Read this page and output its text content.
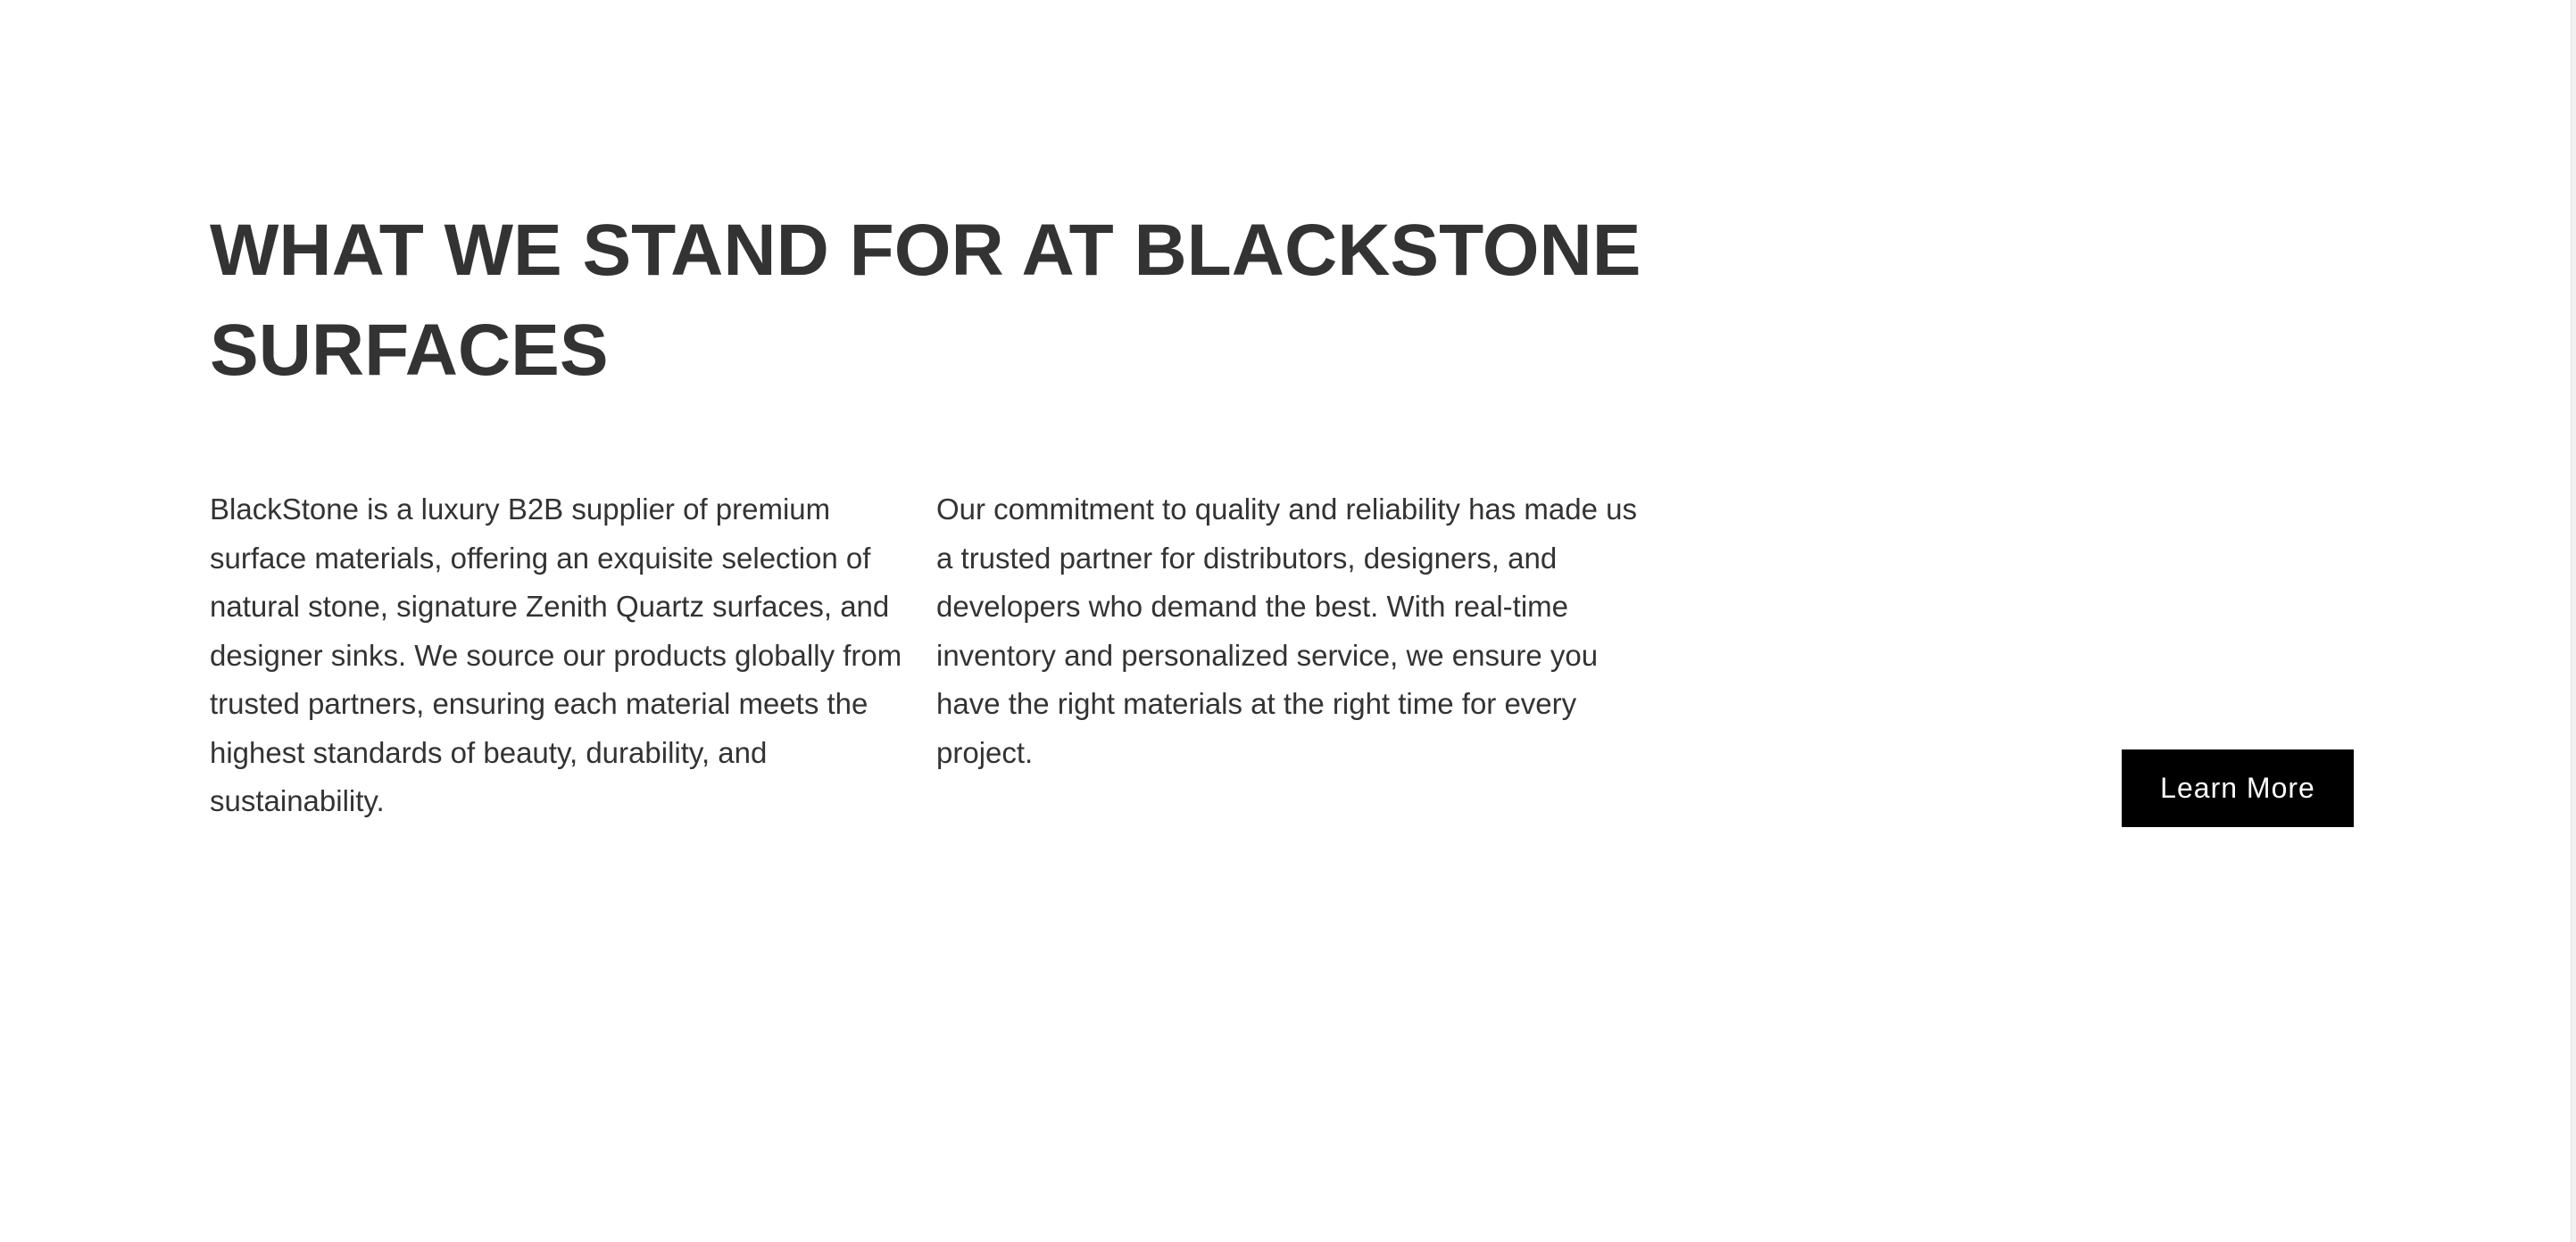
WHAT WE STAND FOR AT BLACKSTONE SURFACES

BlackStone is a luxury B2B supplier of premium surface materials, offering an exquisite selection of natural stone, signature Zenith Quartz surfaces, and designer sinks. We source our products globally from trusted partners, ensuring each material meets the highest standards of beauty, durability, and sustainability.

Our commitment to quality and reliability has made us a trusted partner for distributors, designers, and developers who demand the best. With real-time inventory and personalized service, we ensure you have the right materials at the right time for every project.

Learn More
